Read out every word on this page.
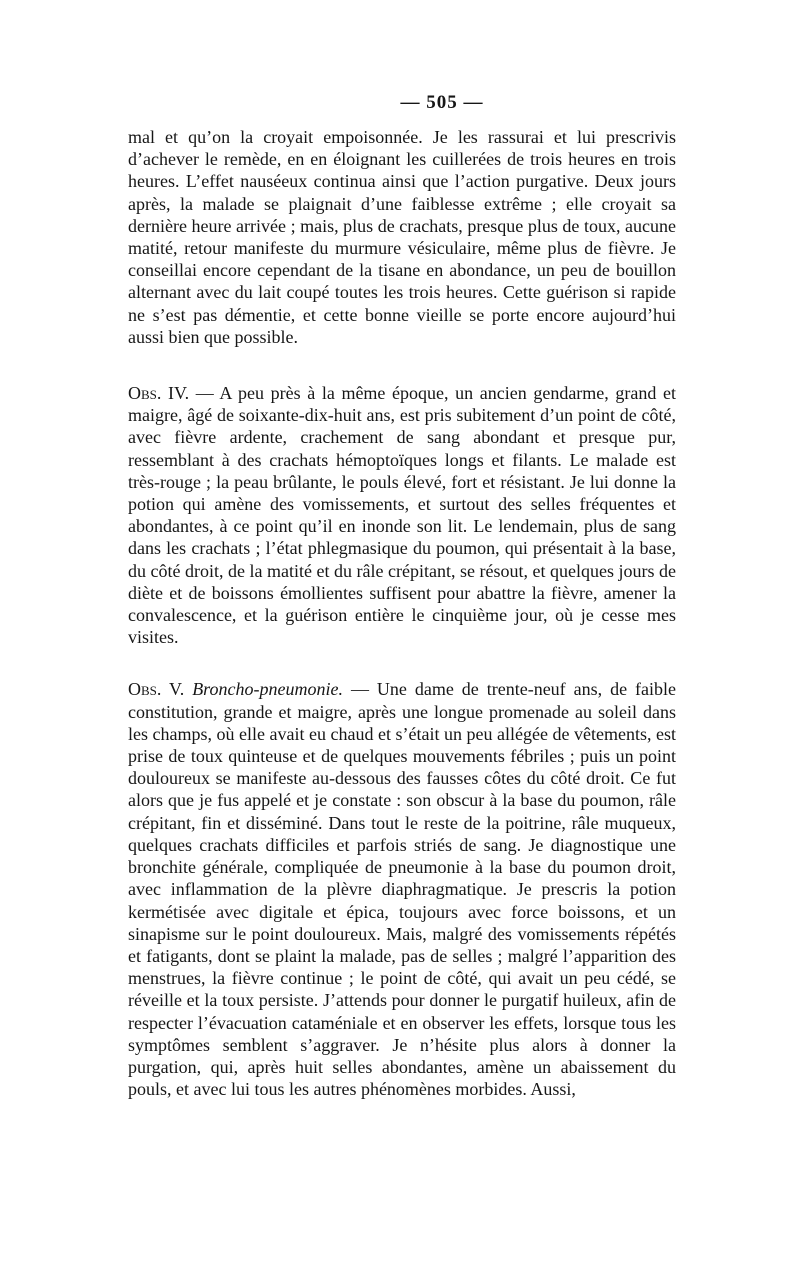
— 505 —

mal et qu’on la croyait empoisonnée. Je les rassurai et lui prescrivis d’achever le remède, en en éloignant les cuillerées de trois heures en trois heures. L’effet nauséeux continua ainsi que l’action purgative. Deux jours après, la malade se plaignait d’une faiblesse extrême ; elle croyait sa dernière heure arrivée ; mais, plus de crachats, presque plus de toux, aucune matité, retour manifeste du murmure vésiculaire, même plus de fièvre. Je conseillai encore cependant de la tisane en abondance, un peu de bouillon alternant avec du lait coupé toutes les trois heures. Cette guérison si rapide ne s’est pas démentie, et cette bonne vieille se porte encore aujourd’hui aussi bien que possible.

Obs. IV. — A peu près à la même époque, un ancien gendarme, grand et maigre, âgé de soixante-dix-huit ans, est pris subitement d’un point de côté, avec fièvre ardente, crachement de sang abondant et presque pur, ressemblant à des crachats hémoptoïques longs et filants. Le malade est très-rouge ; la peau brûlante, le pouls élevé, fort et résistant. Je lui donne la potion qui amène des vomissements, et surtout des selles fréquentes et abondantes, à ce point qu’il en inonde son lit. Le lendemain, plus de sang dans les crachats ; l’état phlegmasique du poumon, qui présentait à la base, du côté droit, de la matité et du râle crépitant, se résout, et quelques jours de diète et de boissons émollientes suffisent pour abattre la fièvre, amener la convalescence, et la guérison entière le cinquième jour, où je cesse mes visites.

Obs. V. Broncho-pneumonie. — Une dame de trente-neuf ans, de faible constitution, grande et maigre, après une longue promenade au soleil dans les champs, où elle avait eu chaud et s’était un peu allégée de vêtements, est prise de toux quinteuse et de quelques mouvements fébriles ; puis un point douloureux se manifeste au-dessous des fausses côtes du côté droit. Ce fut alors que je fus appelé et je constate : son obscur à la base du poumon, râle crépitant, fin et disséminé. Dans tout le reste de la poitrine, râle muqueux, quelques crachats difficiles et parfois striés de sang. Je diagnostique une bronchite générale, compliquée de pneumonie à la base du poumon droit, avec inflammation de la plèvre diaphragmatique. Je prescris la potion kermétisée avec digitale et épica, toujours avec force boissons, et un sinapisme sur le point douloureux. Mais, malgré des vomissements répétés et fatigants, dont se plaint la malade, pas de selles ; malgré l’apparition des menstrues, la fièvre continue ; le point de côté, qui avait un peu cédé, se réveille et la toux persiste. J’attends pour donner le purgatif huileux, afin de respecter l’évacuation cataméniale et en observer les effets, lorsque tous les symptômes semblent s’aggraver. Je n’hésite plus alors à donner la purgation, qui, après huit selles abondantes, amène un abaissement du pouls, et avec lui tous les autres phénomènes morbides. Aussi,
